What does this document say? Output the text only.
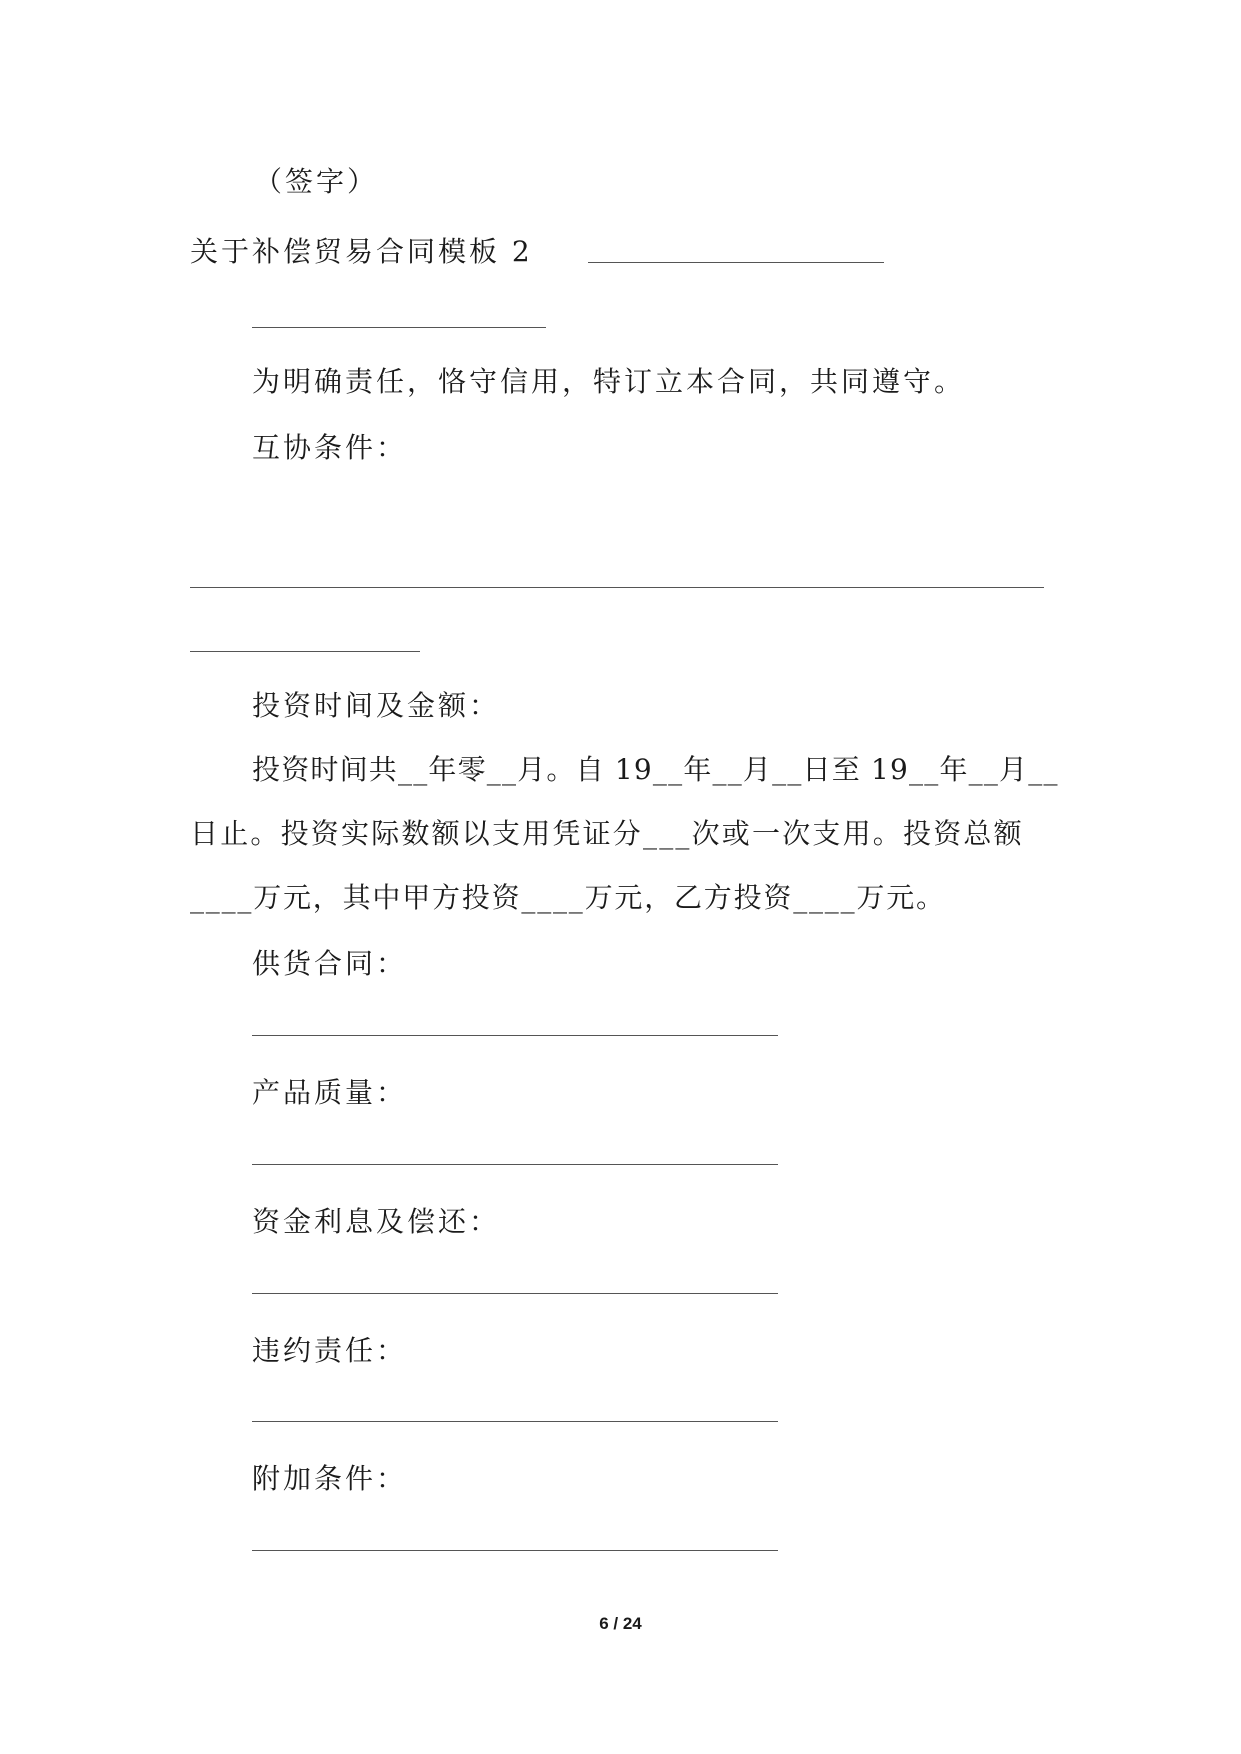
（签字）
关于补偿贸易合同模板 2
为明确责任，恪守信用，特订立本合同，共同遵守。
互协条件：
投资时间及金额：
投资时间共__年零__月。自 19__年__月__日至 19__年__月__
日止。投资实际数额以支用凭证分___次或一次支用。投资总额
____万元，其中甲方投资____万元，乙方投资____万元。
供货合同：
产品质量：
资金利息及偿还：
违约责任：
附加条件：
6 / 24
